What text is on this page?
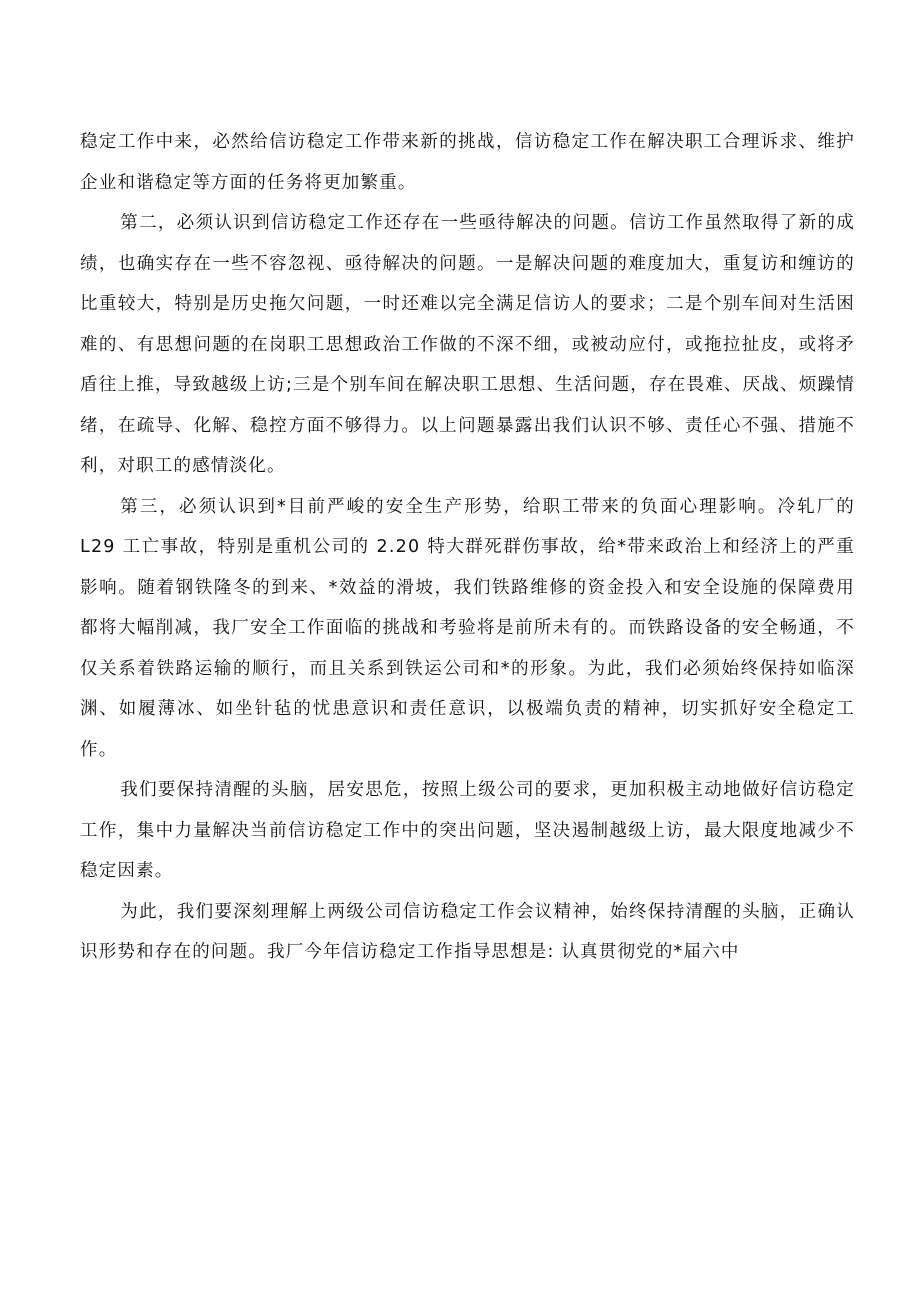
稳定工作中来，必然给信访稳定工作带来新的挑战，信访稳定工作在解决职工合理诉求、维护企业和谐稳定等方面的任务将更加繁重。

第二，必须认识到信访稳定工作还存在一些亟待解决的问题。信访工作虽然取得了新的成绩，也确实存在一些不容忽视、亟待解决的问题。一是解决问题的难度加大，重复访和缠访的比重较大，特别是历史拖欠问题，一时还难以完全满足信访人的要求；二是个别车间对生活困难的、有思想问题的在岗职工思想政治工作做的不深不细，或被动应付，或拖拉扯皮，或将矛盾往上推，导致越级上访;三是个别车间在解决职工思想、生活问题，存在畏难、厌战、烦躁情绪，在疏导、化解、稳控方面不够得力。以上问题暴露出我们认识不够、责任心不强、措施不利，对职工的感情淡化。

第三，必须认识到*目前严峻的安全生产形势，给职工带来的负面心理影响。冷轧厂的 L29 工亡事故，特别是重机公司的 2.20 特大群死群伤事故，给*带来政治上和经济上的严重影响。随着钢铁隆冬的到来、*效益的滑坡，我们铁路维修的资金投入和安全设施的保障费用都将大幅削减，我厂安全工作面临的挑战和考验将是前所未有的。而铁路设备的安全畅通，不仅关系着铁路运输的顺行，而且关系到铁运公司和*的形象。为此，我们必须始终保持如临深渊、如履薄冰、如坐针毡的忧患意识和责任意识，以极端负责的精神，切实抓好安全稳定工作。

我们要保持清醒的头脑，居安思危，按照上级公司的要求，更加积极主动地做好信访稳定工作，集中力量解决当前信访稳定工作中的突出问题，坚决遏制越级上访，最大限度地减少不稳定因素。

为此，我们要深刻理解上两级公司信访稳定工作会议精神，始终保持清醒的头脑，正确认识形势和存在的问题。我厂今年信访稳定工作指导思想是: 认真贯彻党的*届六中
